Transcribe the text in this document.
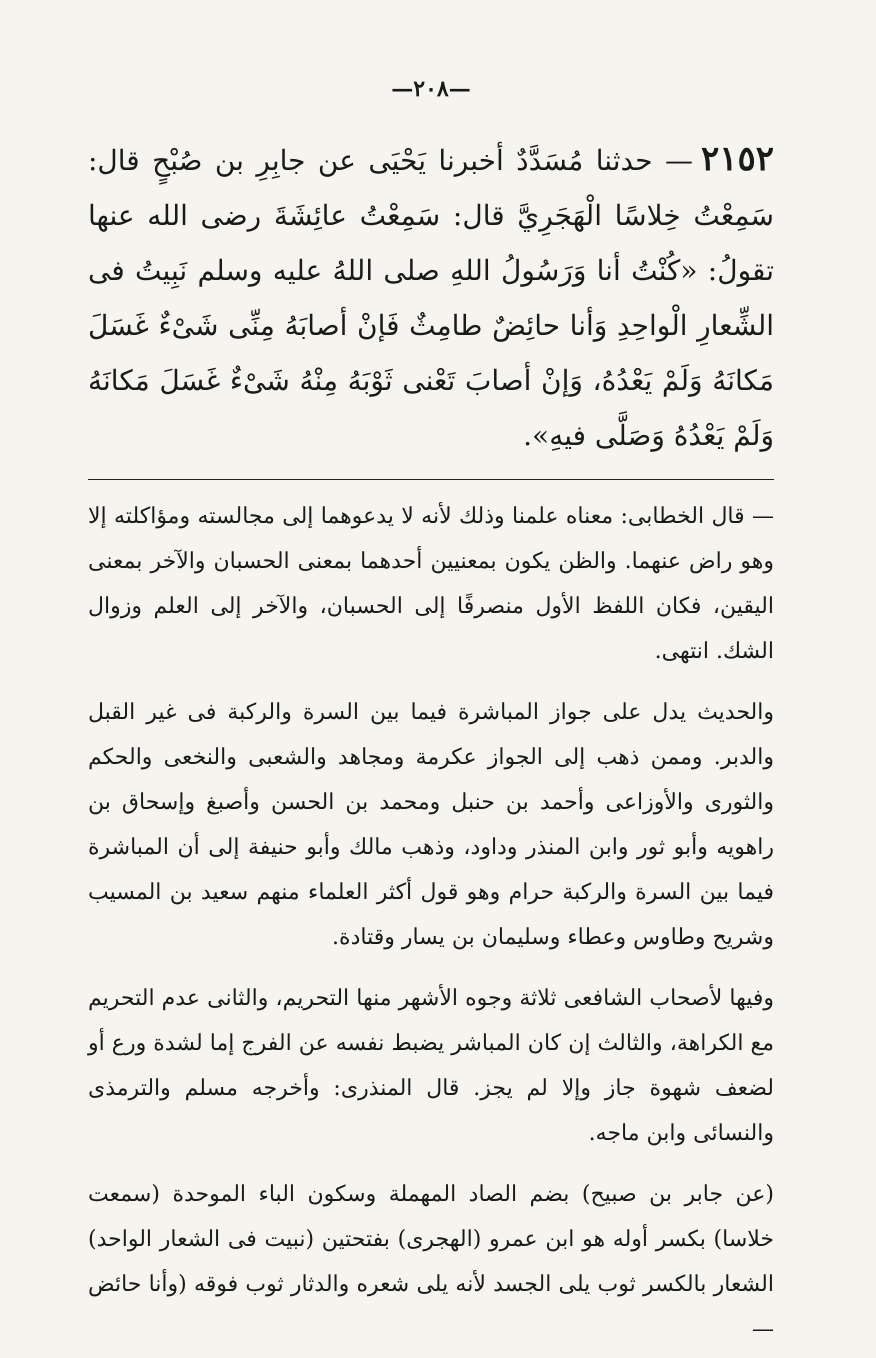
—٢٠٨—
٢١٥٢— حدثنا مُسَدَّدٌ أخبرنا يَحْيَى عن جابِرِ بن صُبْحٍ قال: سَمِعْتُ خِلاسًا الْهَجَرِيَّ قال: سَمِعْتُ عائِشَةَ رضى الله عنها تقولُ: «كُنْتُ أنا وَرَسُولُ اللهِ صلى اللهُ عليه وسلم نَبِيتُ فى الشِّعارِ الْواحِدِ وَأنا حائِضٌ طامِثٌ فَإنْ أصابَهُ مِنِّى شَىْءٌ غَسَلَ مَكانَهُ وَلَمْ يَعْدُهُ، وَإنْ أصابَ تَعْنى ثَوْبَهُ مِنْهُ شَىْءٌ غَسَلَ مَكانَهُ وَلَمْ يَعْدُهُ وَصَلَّى فيهِ».

— قال الخطابى: معناه علمنا وذلك لأنه لا يدعوهما إلى مجالسته ومؤاكلته إلا وهو راض عنهما. والظن يكون بمعنيين أحدهما بمعنى الحسبان والآخر بمعنى اليقين، فكان اللفظ الأول منصرفًا إلى الحسبان، والآخر إلى العلم وزوال الشك. انتهى.

والحديث يدل على جواز المباشرة فيما بين السرة والركبة فى غير القبل والدبر. وممن ذهب إلى الجواز عكرمة ومجاهد والشعبى والنخعى والحكم والثورى والأوزاعى وأحمد بن حنبل ومحمد بن الحسن وأصبغ وإسحاق بن راهويه وأبو ثور وابن المنذر وداود، وذهب مالك وأبو حنيفة إلى أن المباشرة فيما بين السرة والركبة حرام وهو قول أكثر العلماء منهم سعيد بن المسيب وشريح وطاوس وعطاء وسليمان بن يسار وقتادة.

وفيها لأصحاب الشافعى ثلاثة وجوه الأشهر منها التحريم، والثانى عدم التحريم مع الكراهة، والثالث إن كان المباشر يضبط نفسه عن الفرج إما لشدة ورع أو لضعف شهوة جاز وإلا لم يجز. قال المنذرى: وأخرجه مسلم والترمذى والنسائى وابن ماجه.

(عن جابر بن صبيح) بضم الصاد المهملة وسكون الباء الموحدة (سمعت خلاسا) بكسر أوله هو ابن عمرو (الهجرى) بفتحتين (نبيت فى الشعار الواحد) الشعار بالكسر ثوب يلى الجسد لأنه يلى شعره والدثار ثوب فوقه (وأنا حائض —
